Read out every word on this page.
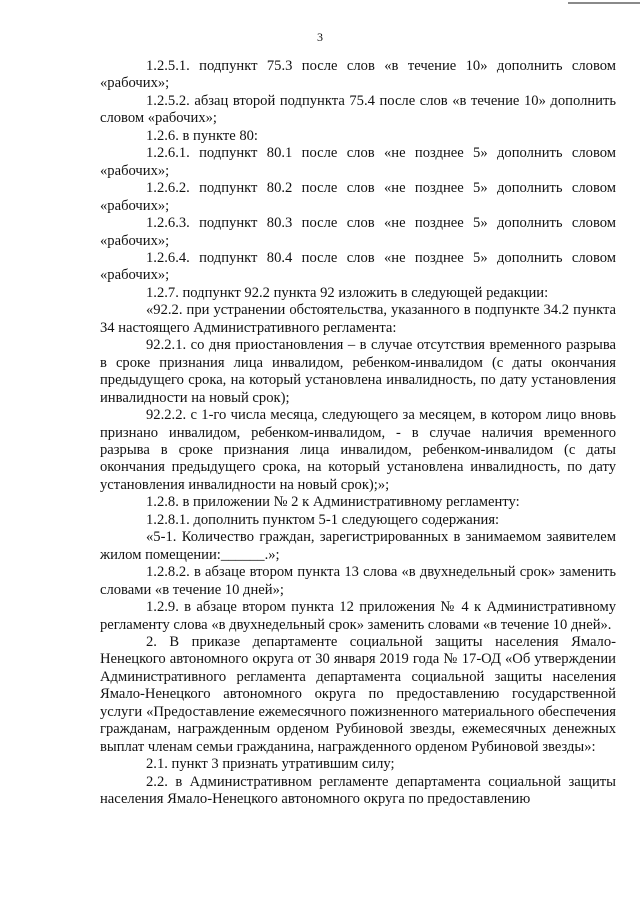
3

1.2.5.1. подпункт 75.3 после слов «в течение 10» дополнить словом «рабочих»;

1.2.5.2. абзац второй подпункта 75.4 после слов «в течение 10» дополнить словом «рабочих»;

1.2.6. в пункте 80:

1.2.6.1. подпункт 80.1 после слов «не позднее 5» дополнить словом «рабочих»;

1.2.6.2. подпункт 80.2 после слов «не позднее 5» дополнить словом «рабочих»;

1.2.6.3. подпункт 80.3 после слов «не позднее 5» дополнить словом «рабочих»;

1.2.6.4. подпункт 80.4 после слов «не позднее 5» дополнить словом «рабочих»;

1.2.7. подпункт 92.2 пункта 92 изложить в следующей редакции:

«92.2. при устранении обстоятельства, указанного в подпункте 34.2 пункта 34 настоящего Административного регламента:

92.2.1. со дня приостановления – в случае отсутствия временного разрыва в сроке признания лица инвалидом, ребенком-инвалидом (с даты окончания предыдущего срока, на который установлена инвалидность, по дату установления инвалидности на новый срок);

92.2.2. с 1-го числа месяца, следующего за месяцем, в котором лицо вновь признано инвалидом, ребенком-инвалидом, - в случае наличия временного разрыва в сроке признания лица инвалидом, ребенком-инвалидом (с даты окончания предыдущего срока, на который установлена инвалидность, по дату установления инвалидности на новый срок);»;

1.2.8. в приложении № 2 к Административному регламенту:

1.2.8.1. дополнить пунктом 5-1 следующего содержания:

«5-1. Количество граждан, зарегистрированных в занимаемом заявителем жилом помещении:______.»;

1.2.8.2. в абзаце втором пункта 13 слова «в двухнедельный срок» заменить словами «в течение 10 дней»;

1.2.9. в абзаце втором пункта 12 приложения № 4 к Административному регламенту слова «в двухнедельный срок» заменить словами «в течение 10 дней».

2. В приказе департаменте социальной защиты населения Ямало-Ненецкого автономного округа от 30 января 2019 года № 17-ОД «Об утверждении Административного регламента департамента социальной защиты населения Ямало-Ненецкого автономного округа по предоставлению государственной услуги «Предоставление ежемесячного пожизненного материального обеспечения гражданам, награжденным орденом Рубиновой звезды, ежемесячных денежных выплат членам семьи гражданина, награжденного орденом Рубиновой звезды»:

2.1. пункт 3 признать утратившим силу;

2.2. в Административном регламенте департамента социальной защиты населения Ямало-Ненецкого автономного округа по предоставлению
